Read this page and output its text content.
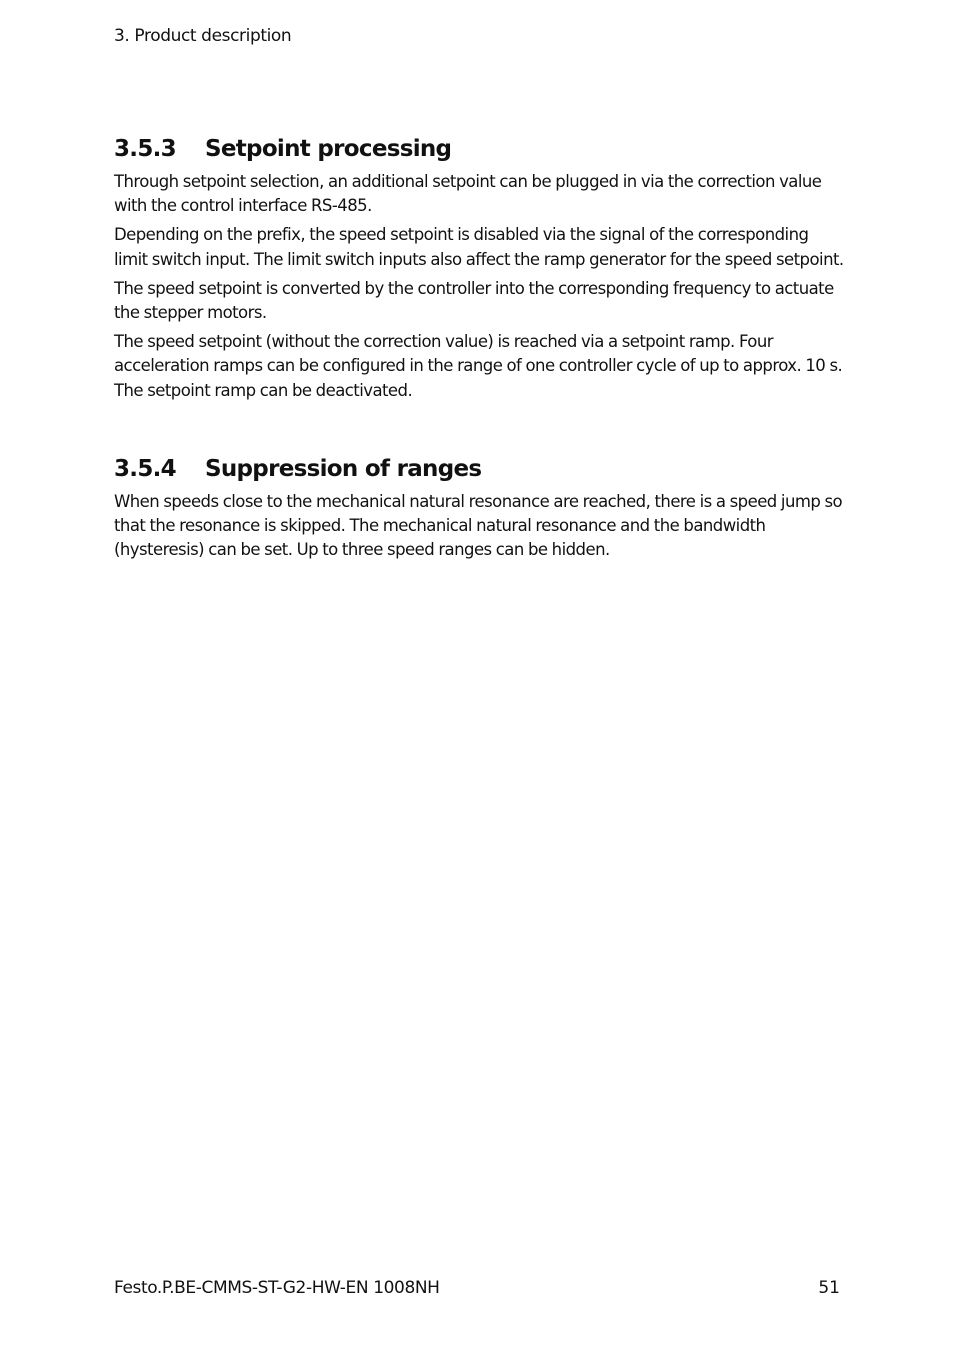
3. Product description
3.5.3 Setpoint processing

Through setpoint selection, an additional setpoint can be plugged in via the correction value with the control interface RS-485.

Depending on the prefix, the speed setpoint is disabled via the signal of the corresponding limit switch input. The limit switch inputs also affect the ramp generator for the speed setpoint.

The speed setpoint is converted by the controller into the corresponding frequency to actuate the stepper motors.

The speed setpoint (without the correction value) is reached via a setpoint ramp. Four acceleration ramps can be configured in the range of one controller cycle of up to approx. 10 s. The setpoint ramp can be deactivated.

3.5.4 Suppression of ranges

When speeds close to the mechanical natural resonance are reached, there is a speed jump so that the resonance is skipped. The mechanical natural resonance and the bandwidth (hysteresis) can be set. Up to three speed ranges can be hidden.

Festo.P.BE-CMMS-ST-G2-HW-EN 1008NH	51
